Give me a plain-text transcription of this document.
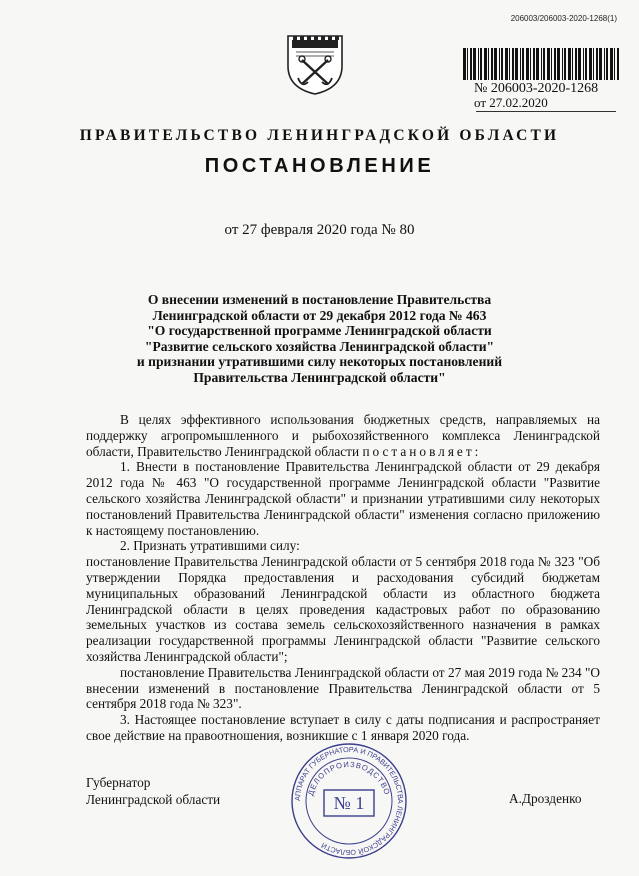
206003/206003-2020-1268(1)
№ 206003-2020-1268
от 27.02.2020
ПРАВИТЕЛЬСТВО ЛЕНИНГРАДСКОЙ ОБЛАСТИ
ПОСТАНОВЛЕНИЕ
от 27 февраля 2020 года № 80
О внесении изменений в постановление Правительства
Ленинградской области от 29 декабря 2012 года № 463
"О государственной программе Ленинградской области
"Развитие сельского хозяйства Ленинградской области"
и признании утратившими силу некоторых постановлений
Правительства Ленинградской области"

В целях эффективного использования бюджетных средств, направляемых на поддержку агропромышленного и рыбохозяйственного комплекса Ленинградской области, Правительство Ленинградской области постановляет:

1. Внести в постановление Правительства Ленинградской области от 29 декабря 2012 года № 463 "О государственной программе Ленинградской области "Развитие сельского хозяйства Ленинградской области" и признании утратившими силу некоторых постановлений Правительства Ленинградской области" изменения согласно приложению к настоящему постановлению.

2. Признать утратившими силу:

постановление Правительства Ленинградской области от 5 сентября 2018 года № 323 "Об утверждении Порядка предоставления и расходования субсидий бюджетам муниципальных образований Ленинградской области из областного бюджета Ленинградской области в целях проведения кадастровых работ по образованию земельных участков из состава земель сельскохозяйственного назначения в рамках реализации государственной программы Ленинградской области "Развитие сельского хозяйства Ленинградской области";

постановление Правительства Ленинградской области от 27 мая 2019 года № 234 "О внесении изменений в постановление Правительства Ленинградской области от 5 сентября 2018 года № 323".

3. Настоящее постановление вступает в силу с даты подписания и распространяет свое действие на правоотношения, возникшие с 1 января 2020 года.

Губернатор
Ленинградской области	А.Дрозденко
АППАРАТ ГУБЕРНАТОРА И ПРАВИТЕЛЬСТВА ЛЕНИНГРАДСКОЙ ОБЛАСТИ
ДЕЛОПРОИЗВОДСТВО
№ 1
